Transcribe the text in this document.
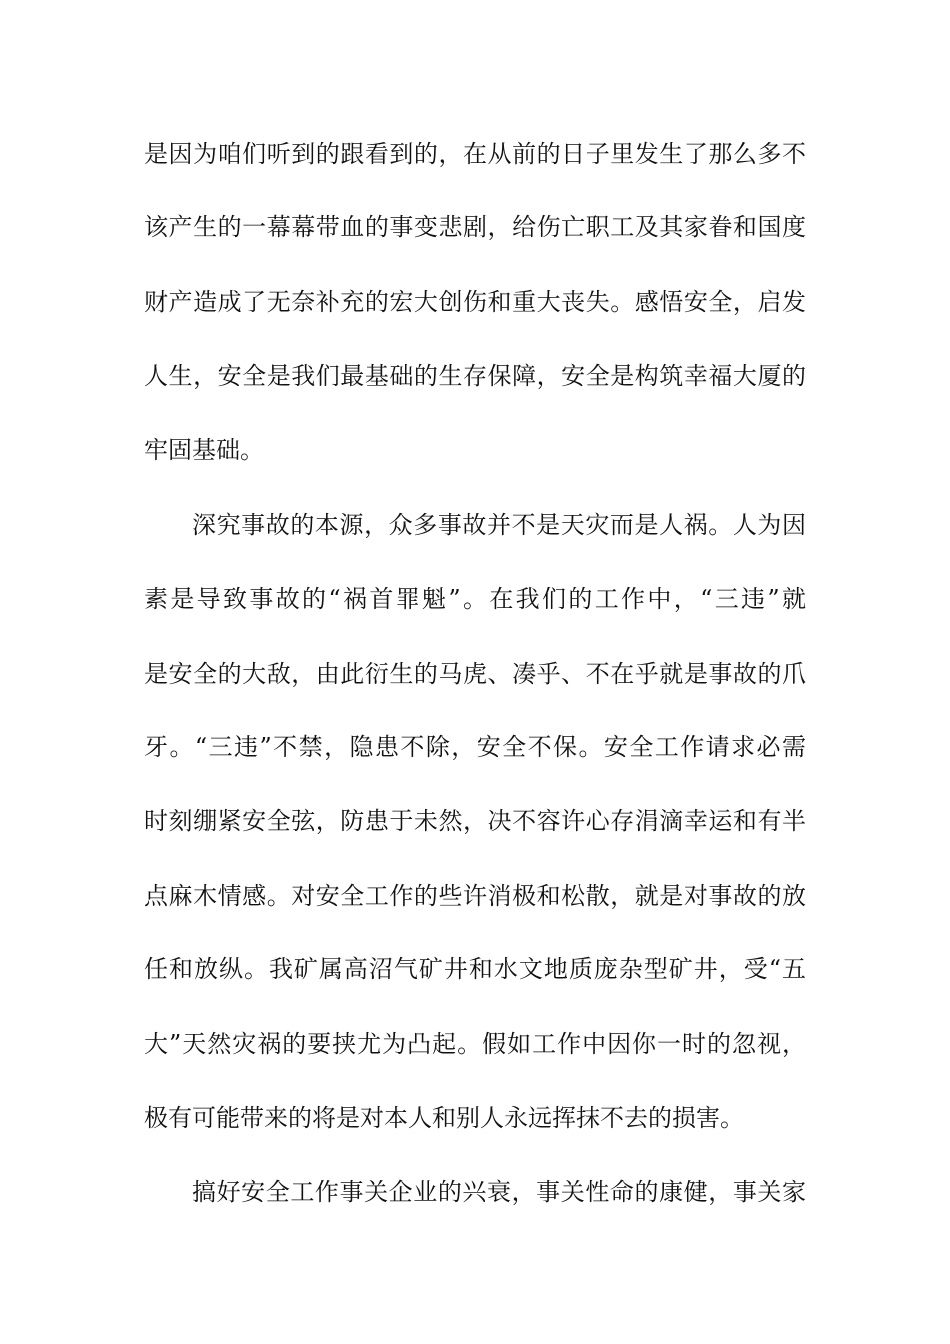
是因为咱们听到的跟看到的，在从前的日子里发生了那么多不
该产生的一幕幕带血的事变悲剧，给伤亡职工及其家眷和国度
财产造成了无奈补充的宏大创伤和重大丧失。感悟安全，启发
人生，安全是我们最基础的生存保障，安全是构筑幸福大厦的
牢固基础。
深究事故的本源，众多事故并不是天灾而是人祸。人为因
素是导致事故的“祸首罪魁”。在我们的工作中，“三违”就
是安全的大敌，由此衍生的马虎、凑乎、不在乎就是事故的爪
牙。“三违”不禁，隐患不除，安全不保。安全工作请求必需
时刻绷紧安全弦，防患于未然，决不容许心存涓滴幸运和有半
点麻木情感。对安全工作的些许消极和松散，就是对事故的放
任和放纵。我矿属高沼气矿井和水文地质庞杂型矿井，受“五
大”天然灾祸的要挟尤为凸起。假如工作中因你一时的忽视，
极有可能带来的将是对本人和别人永远挥抹不去的损害。
搞好安全工作事关企业的兴衰，事关性命的康健，事关家
